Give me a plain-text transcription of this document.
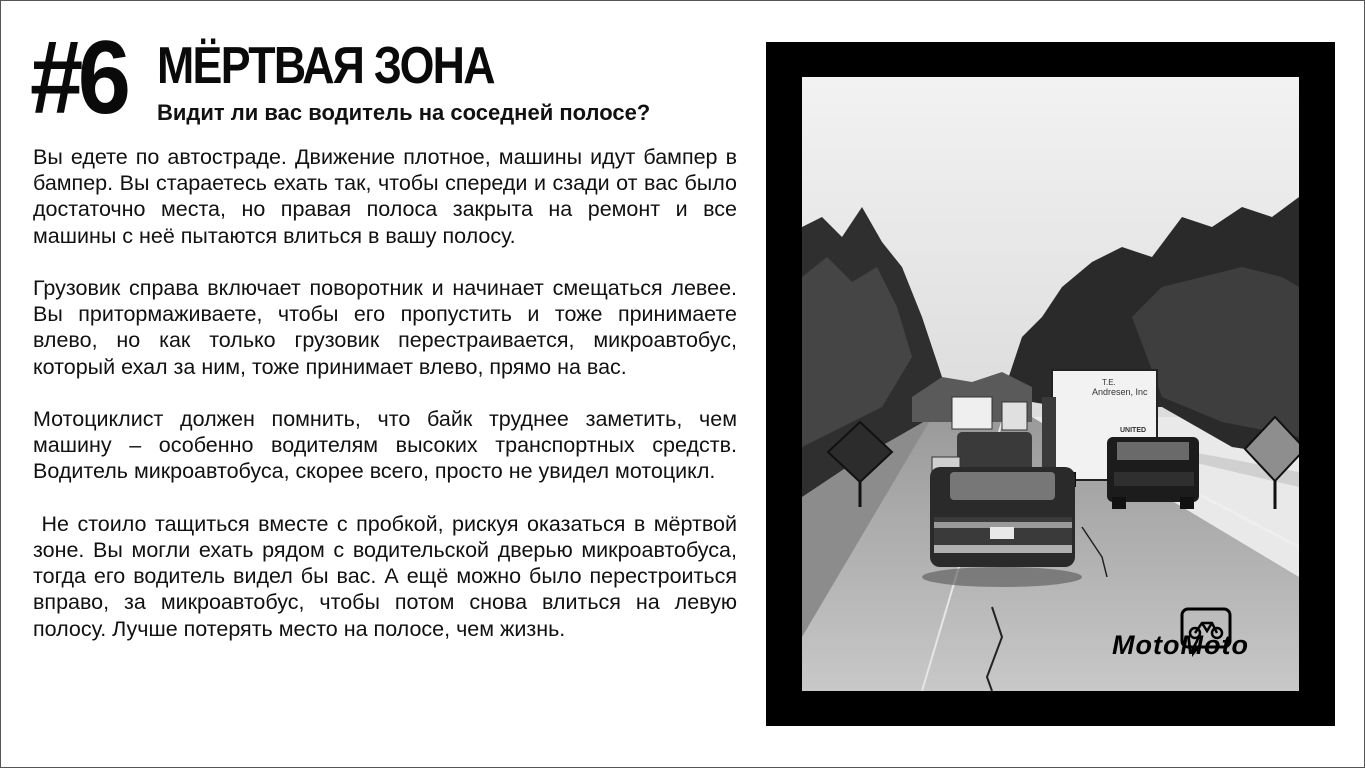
#6 МЁРТВАЯ ЗОНА
Видит ли вас водитель на соседней полосе?

Вы едете по автостраде. Движение плотное, машины идут бампер в бампер. Вы стараетесь ехать так, чтобы спереди и сзади от вас было достаточно места, но правая полоса закрыта на ремонт и все машины с неё пытаются влиться в вашу полосу.

Грузовик справа включает поворотник и начинает смещаться левее. Вы притормаживаете, чтобы его пропустить и тоже принимаете влево, но как только грузовик перестраивается, микроавтобус, который ехал за ним, тоже принимает влево, прямо на вас.

Мотоциклист должен помнить, что байк труднее заметить, чем машину – особенно водителям высоких транспортных средств. Водитель микроавтобуса, скорее всего, просто не увидел мотоцикл.

Не стоило тащиться вместе с пробкой, рискуя оказаться в мёртвой зоне. Вы могли ехать рядом с водительской дверью микроавтобуса, тогда его водитель видел бы вас. А ещё можно было перестроиться вправо, за микроавтобус, чтобы потом снова влиться на левую полосу. Лучше потерять место на полосе, чем жизнь.

T.E.
Andresen, Inc
UNITED
MotoMoto
